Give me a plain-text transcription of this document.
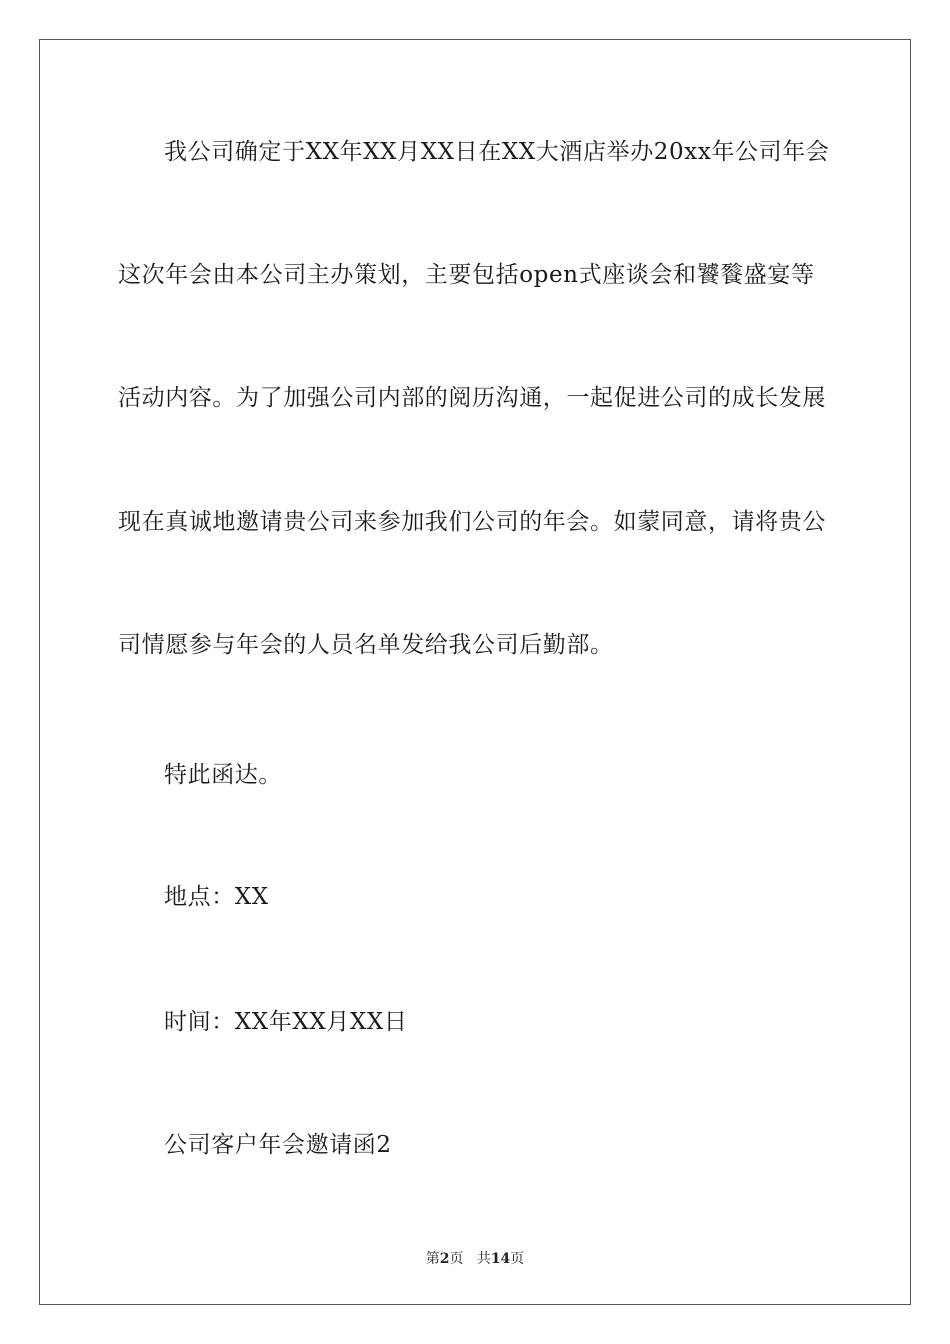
我公司确定于XX年XX月XX日在XX大酒店举办20xx年公司年会
这次年会由本公司主办策划，主要包括open式座谈会和饕餮盛宴等
活动内容。为了加强公司内部的阅历沟通，一起促进公司的成长发展
现在真诚地邀请贵公司来参加我们公司的年会。如蒙同意，请将贵公
司情愿参与年会的人员名单发给我公司后勤部。
特此函达。
地点：XX
时间：XX年XX月XX日
公司客户年会邀请函2
第2页 共14页
